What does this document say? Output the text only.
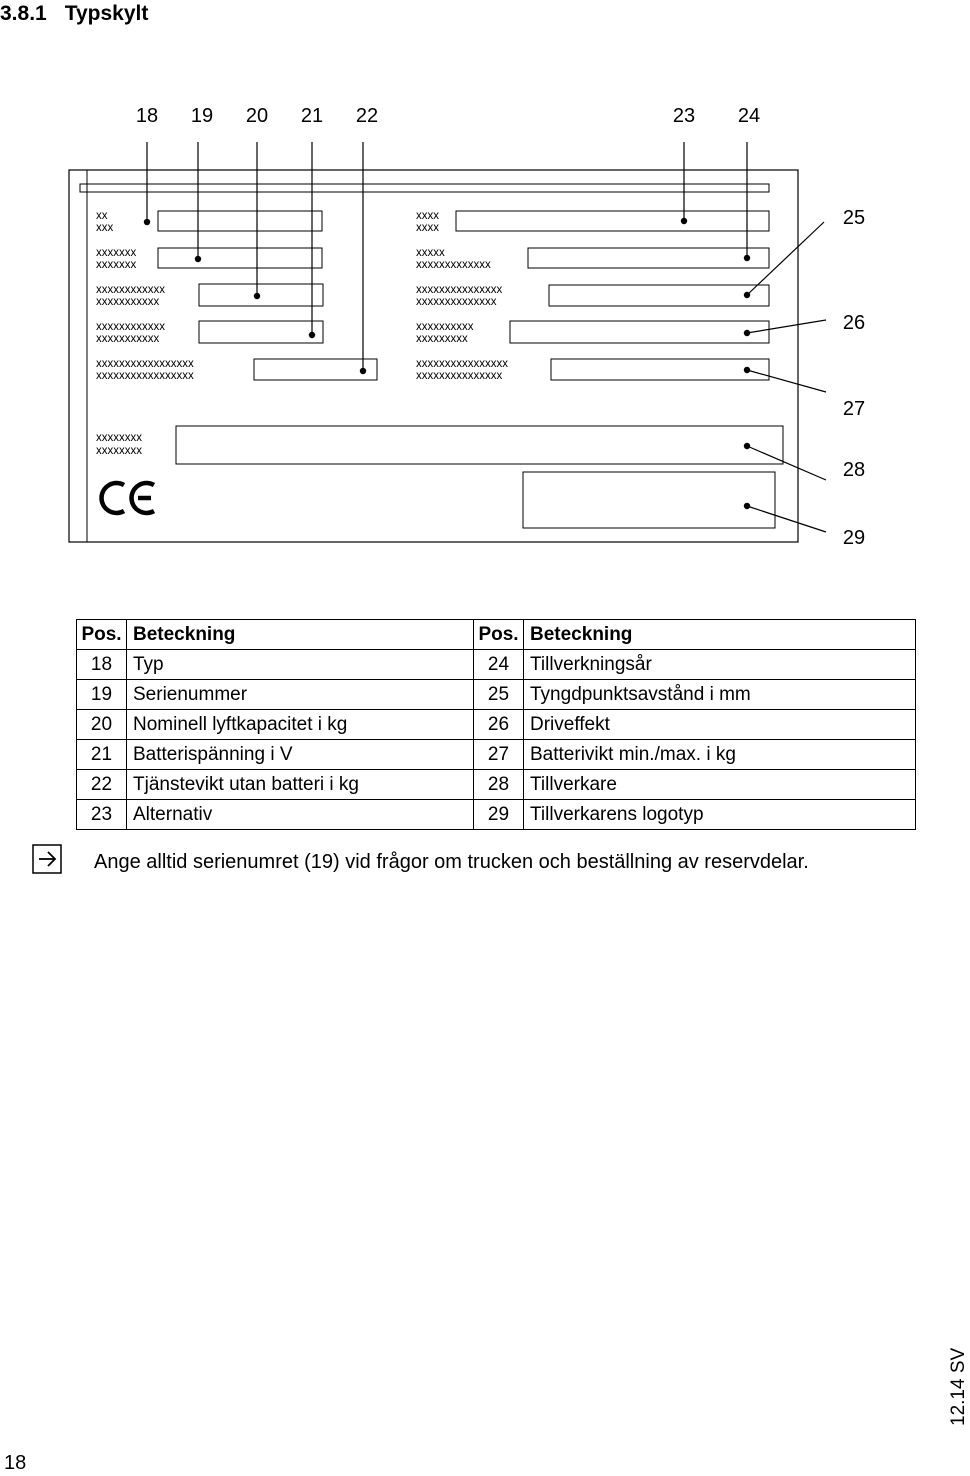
3.8.1 Typskylt
xx
xxx
xxxxxxx
xxxxxxx
xxxxxxxxxxxx
xxxxxxxxxxx
xxxxxxxxxxxx
xxxxxxxxxxx
xxxxxxxxxxxxxxxxx
xxxxxxxxxxxxxxxxx
xxxx
xxxx
xxxxx
xxxxxxxxxxxxx
xxxxxxxxxxxxxxx
xxxxxxxxxxxxxx
xxxxxxxxxx
xxxxxxxxx
xxxxxxxxxxxxxxxx
xxxxxxxxxxxxxxx
xxxxxxxx
xxxxxxxx
18 19 20 21 22	23 24
25
26
27
28
29
Pos.	Beteckning	Pos.	Beteckning
18	Typ	24	Tillverkningsår
19	Serienummer	25	Tyngdpunktsavstånd i mm
20	Nominell lyftkapacitet i kg	26	Driveffekt
21	Batterispänning i V	27	Batterivikt min./max. i kg
22	Tjänstevikt utan batteri i kg	28	Tillverkare
23	Alternativ	29	Tillverkarens logotyp

Ange alltid serienumret (19) vid frågor om trucken och beställning av reservdelar.

12.14 SV
18
